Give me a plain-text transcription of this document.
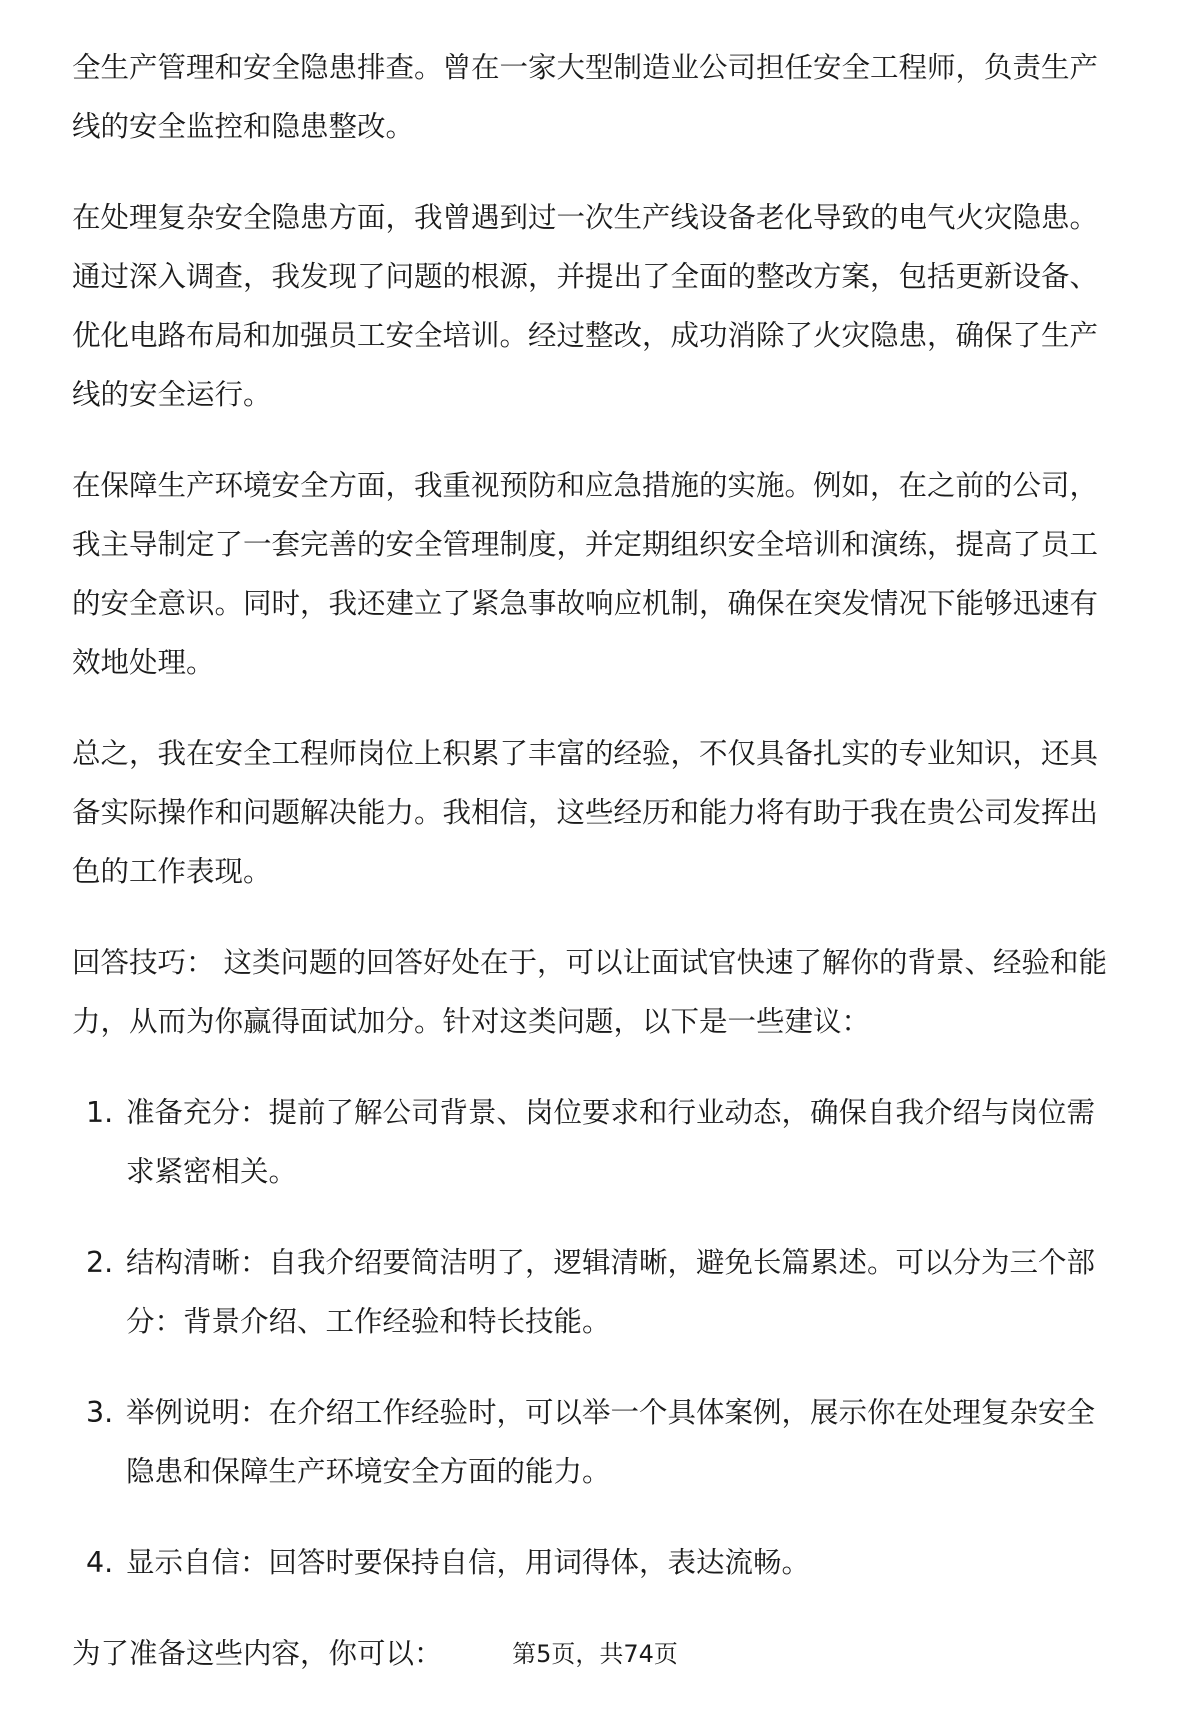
全生产管理和安全隐患排查。曾在一家大型制造业公司担任安全工程师，负责生产线的安全监控和隐患整改。

在处理复杂安全隐患方面，我曾遇到过一次生产线设备老化导致的电气火灾隐患。通过深入调查，我发现了问题的根源，并提出了全面的整改方案，包括更新设备、优化电路布局和加强员工安全培训。经过整改，成功消除了火灾隐患，确保了生产线的安全运行。

在保障生产环境安全方面，我重视预防和应急措施的实施。例如，在之前的公司，我主导制定了一套完善的安全管理制度，并定期组织安全培训和演练，提高了员工的安全意识。同时，我还建立了紧急事故响应机制，确保在突发情况下能够迅速有效地处理。

总之，我在安全工程师岗位上积累了丰富的经验，不仅具备扎实的专业知识，还具备实际操作和问题解决能力。我相信，这些经历和能力将有助于我在贵公司发挥出色的工作表现。

回答技巧： 这类问题的回答好处在于，可以让面试官快速了解你的背景、经验和能力，从而为你赢得面试加分。针对这类问题，以下是一些建议：

1. 准备充分：提前了解公司背景、岗位要求和行业动态，确保自我介绍与岗位需求紧密相关。
2. 结构清晰：自我介绍要简洁明了，逻辑清晰，避免长篇累述。可以分为三个部分：背景介绍、工作经验和特长技能。
3. 举例说明：在介绍工作经验时，可以举一个具体案例，展示你在处理复杂安全隐患和保障生产环境安全方面的能力。
4. 显示自信：回答时要保持自信，用词得体，表达流畅。

为了准备这些内容，你可以：	第5页，共74页
